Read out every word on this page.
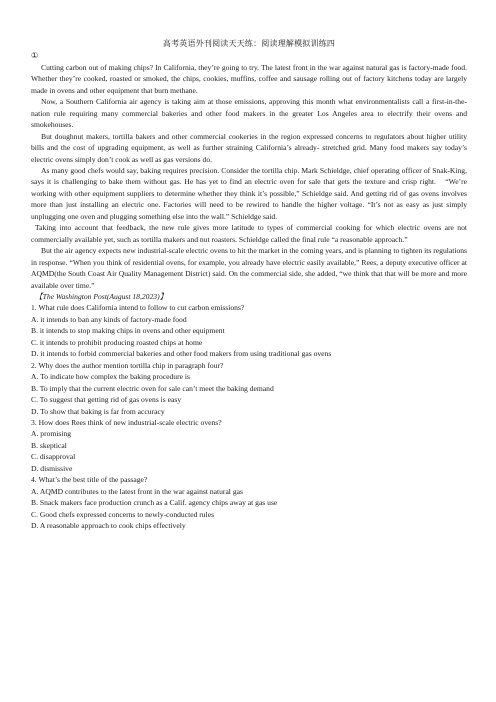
高考英语外刊阅读天天练：阅读理解模拟训练四
①

Cutting carbon out of making chips? In California, they’re going to try. The latest front in the war against natural gas is factory-made food. Whether they’re cooked, roasted or smoked, the chips, cookies, muffins, coffee and sausage rolling out of factory kitchens today are largely made in ovens and other equipment that burn methane.

Now, a Southern California air agency is taking aim at those emissions, approving this month what environmentalists call a first-in-the-nation rule requiring many commercial bakeries and other food makers in the greater Los Angeles area to electrify their ovens and smokehouses.

But doughnut makers, tortilla bakers and other commercial cookeries in the region expressed concerns to regulators about higher utility bills and the cost of upgrading equipment, as well as further straining California’s already- stretched grid. Many food makers say today’s electric ovens simply don’t cook as well as gas versions do.

As many good chefs would say, baking requires precision. Consider the tortilla chip. Mark Schieldge, chief operating officer of Snak-King, says it is challenging to bake them without gas. He has yet to find an electric oven for sale that gets the texture and crisp right.　“We’re working with other equipment suppliers to determine whether they think it’s possible,” Schieldge said. And getting rid of gas ovens involves more than just installing an electric one. Factories will need to be rewired to handle the higher voltage. “It’s not as easy as just simply unplugging one oven and plugging something else into the wall.” Schieldge said.

Taking into account that feedback, the new rule gives more latitude to types of commercial cooking for which electric ovens are not commercially available yet, such as tortilla makers and nut roasters. Schieldge called the final rule “a reasonable approach.”

But the air agency expects new industrial-scale electric ovens to hit the market in the coming years, and is planning to tighten its regulations in response. “When you think of residential ovens, for example, you already have electric easily available,” Rees, a deputy executive officer at AQMD(the South Coast Air Quality Management District) said. On the commercial side, she added, “we think that that will be more and more available over time.”

【The Washington Post(August 18,2023)】

1. What rule does California intend to follow to cut carbon emissions?

A. it intends to ban any kinds of factory-made food

B. it intends to stop making chips in ovens and other equipment

C. it intends to prohibit producing roasted chips at home

D. it intends to forbid commercial bakeries and other food makers from using traditional gas ovens

2. Why does the author mention tortilla chip in paragraph four?

A. To indicate how complex the baking procedure is

B. To imply that the current electric oven for sale can’t meet the baking demand

C. To suggest that getting rid of gas ovens is easy

D. To show that baking is far from accuracy

3. How does Rees think of new industrial-scale electric ovens?

A. promising

B. skeptical

C. disapproval

D. dismissive

4. What’s the best title of the passage?

A. AQMD contributes to the latest front in the war against natural gas

B. Snack makers face production crunch as a Calif. agency chips away at gas use

C. Good chefs expressed concerns to newly-conducted rules

D. A reasonable approach to cook chips effectively
